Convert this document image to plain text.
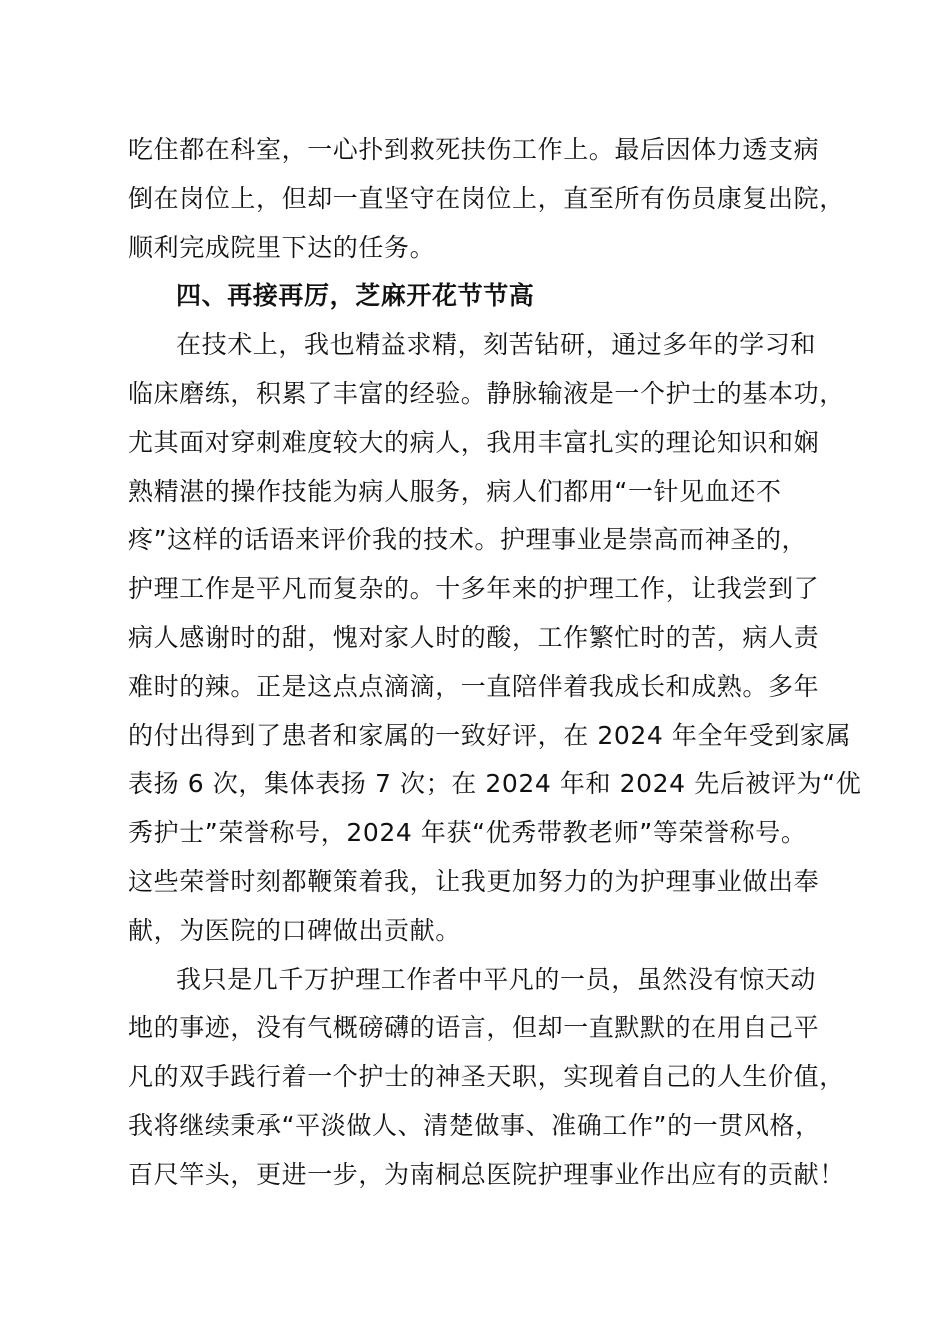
吃住都在科室，一心扑到救死扶伤工作上。最后因体力透支病
倒在岗位上，但却一直坚守在岗位上，直至所有伤员康复出院，
顺利完成院里下达的任务。
四、再接再厉，芝麻开花节节高
在技术上，我也精益求精，刻苦钻研，通过多年的学习和
临床磨练，积累了丰富的经验。静脉输液是一个护士的基本功，
尤其面对穿刺难度较大的病人，我用丰富扎实的理论知识和娴
熟精湛的操作技能为病人服务，病人们都用“一针见血还不
疼”这样的话语来评价我的技术。护理事业是崇高而神圣的，
护理工作是平凡而复杂的。十多年来的护理工作，让我尝到了
病人感谢时的甜，愧对家人时的酸，工作繁忙时的苦，病人责
难时的辣。正是这点点滴滴，一直陪伴着我成长和成熟。多年
的付出得到了患者和家属的一致好评，在 2024 年全年受到家属
表扬 6 次，集体表扬 7 次；在 2024 年和 2024 先后被评为“优
秀护士”荣誉称号，2024 年获“优秀带教老师”等荣誉称号。
这些荣誉时刻都鞭策着我，让我更加努力的为护理事业做出奉
献，为医院的口碑做出贡献。
我只是几千万护理工作者中平凡的一员，虽然没有惊天动
地的事迹，没有气概磅礴的语言，但却一直默默的在用自己平
凡的双手践行着一个护士的神圣天职，实现着自己的人生价值，
我将继续秉承“平淡做人、清楚做事、准确工作”的一贯风格，
百尺竿头，更进一步，为南桐总医院护理事业作出应有的贡献！
